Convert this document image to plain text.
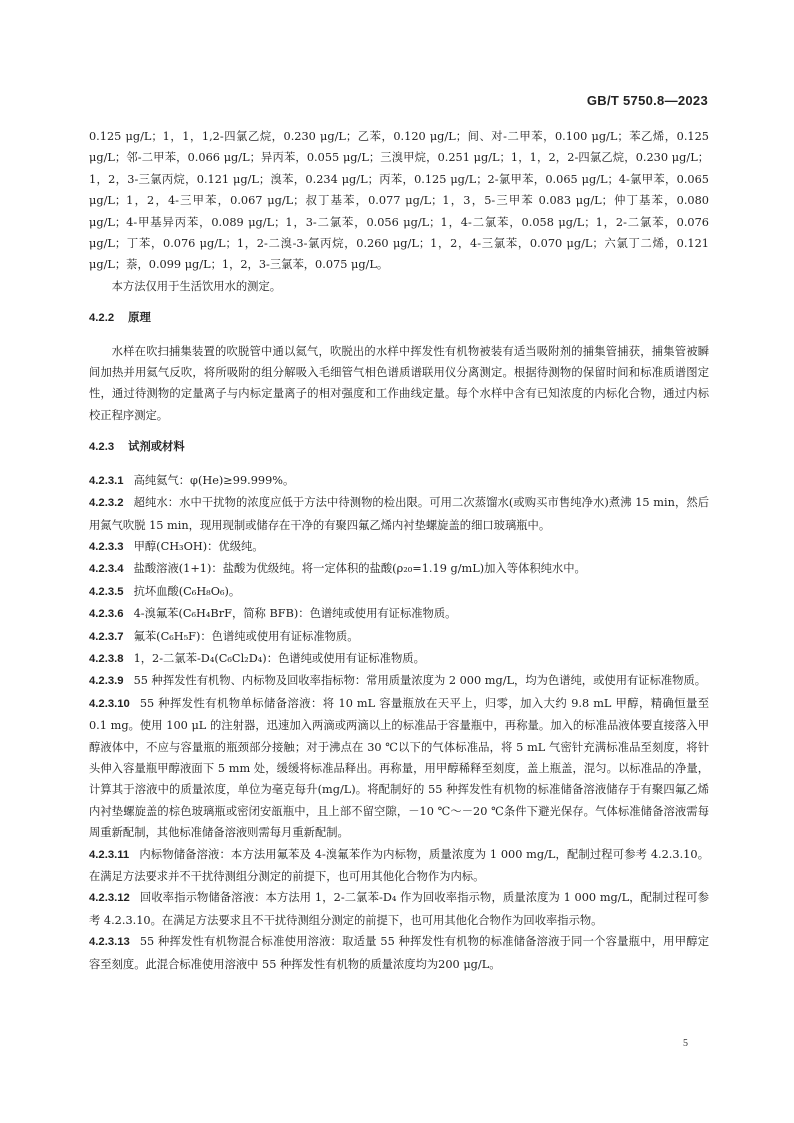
GB/T 5750.8—2023

0.125 μg/L；1，1，1,2-四氯乙烷，0.230 μg/L；乙苯，0.120 μg/L；间、对-二甲苯，0.100 μg/L；苯乙烯，0.125 μg/L；邻-二甲苯，0.066 μg/L；异丙苯，0.055 μg/L；三溴甲烷，0.251 μg/L；1，1，2，2-四氯乙烷，0.230 μg/L；1，2，3-三氯丙烷，0.121 μg/L；溴苯，0.234 μg/L；丙苯，0.125 μg/L；2-氯甲苯，0.065 μg/L；4-氯甲苯，0.065 μg/L；1，2，4-三甲苯，0.067 μg/L；叔丁基苯，0.077 μg/L；1，3，5-三甲苯 0.083 μg/L；仲丁基苯，0.080 μg/L；4-甲基异丙苯，0.089 μg/L；1，3-二氯苯，0.056 μg/L；1，4-二氯苯，0.058 μg/L；1，2-二氯苯，0.076 μg/L；丁苯，0.076 μg/L；1，2-二溴-3-氯丙烷，0.260 μg/L；1，2，4-三氯苯，0.070 μg/L；六氯丁二烯，0.121 μg/L；萘，0.099 μg/L；1，2，3-三氯苯，0.075 μg/L。

本方法仅用于生活饮用水的测定。

4.2.2 原理

水样在吹扫捕集装置的吹脱管中通以氦气，吹脱出的水样中挥发性有机物被装有适当吸附剂的捕集管捕获，捕集管被瞬间加热并用氦气反吹，将所吸附的组分解吸入毛细管气相色谱质谱联用仪分离测定。根据待测物的保留时间和标准质谱图定性，通过待测物的定量离子与内标定量离子的相对强度和工作曲线定量。每个水样中含有已知浓度的内标化合物，通过内标校正程序测定。

4.2.3 试剂或材料

4.2.3.1 高纯氦气：φ(He)≥99.999%。

4.2.3.2 超纯水：水中干扰物的浓度应低于方法中待测物的检出限。可用二次蒸馏水(或购买市售纯净水)煮沸 15 min，然后用氮气吹脱 15 min，现用现制或储存在干净的有聚四氟乙烯内衬垫螺旋盖的细口玻璃瓶中。

4.2.3.3 甲醇(CH₃OH)：优级纯。

4.2.3.4 盐酸溶液(1+1)：盐酸为优级纯。将一定体积的盐酸(ρ₂₀=1.19 g/mL)加入等体积纯水中。

4.2.3.5 抗坏血酸(C₆H₈O₆)。

4.2.3.6 4-溴氟苯(C₆H₄BrF，简称 BFB)：色谱纯或使用有证标准物质。

4.2.3.7 氟苯(C₆H₅F)：色谱纯或使用有证标准物质。

4.2.3.8 1，2-二氯苯-D₄(C₆Cl₂D₄)：色谱纯或使用有证标准物质。

4.2.3.9 55 种挥发性有机物、内标物及回收率指标物：常用质量浓度为 2 000 mg/L，均为色谱纯，或使用有证标准物质。

4.2.3.10 55 种挥发性有机物单标储备溶液：将 10 mL 容量瓶放在天平上，归零，加入大约 9.8 mL 甲醇，精确恒量至 0.1 mg。使用 100 μL 的注射器，迅速加入两滴或两滴以上的标准品于容量瓶中，再称量。加入的标准品液体要直接落入甲醇液体中，不应与容量瓶的瓶颈部分接触；对于沸点在 30 ℃以下的气体标准品，将 5 mL 气密针充满标准品至刻度，将针头伸入容量瓶甲醇液面下 5 mm 处，缓缓将标准品释出。再称量，用甲醇稀释至刻度，盖上瓶盖，混匀。以标准品的净量，计算其于溶液中的质量浓度，单位为毫克每升(mg/L)。将配制好的 55 种挥发性有机物的标准储备溶液储存于有聚四氟乙烯内衬垫螺旋盖的棕色玻璃瓶或密闭安瓿瓶中，且上部不留空隙，－10 ℃～－20 ℃条件下避光保存。气体标准储备溶液需每周重新配制，其他标准储备溶液则需每月重新配制。

4.2.3.11 内标物储备溶液：本方法用氟苯及 4-溴氟苯作为内标物，质量浓度为 1 000 mg/L，配制过程可参考 4.2.3.10。在满足方法要求并不干扰待测组分测定的前提下，也可用其他化合物作为内标。

4.2.3.12 回收率指示物储备溶液：本方法用 1，2-二氯苯-D₄ 作为回收率指示物，质量浓度为 1 000 mg/L，配制过程可参考 4.2.3.10。在满足方法要求且不干扰待测组分测定的前提下，也可用其他化合物作为回收率指示物。

4.2.3.13 55 种挥发性有机物混合标准使用溶液：取适量 55 种挥发性有机物的标准储备溶液于同一个容量瓶中，用甲醇定容至刻度。此混合标准使用溶液中 55 种挥发性有机物的质量浓度均为200 μg/L。

5
